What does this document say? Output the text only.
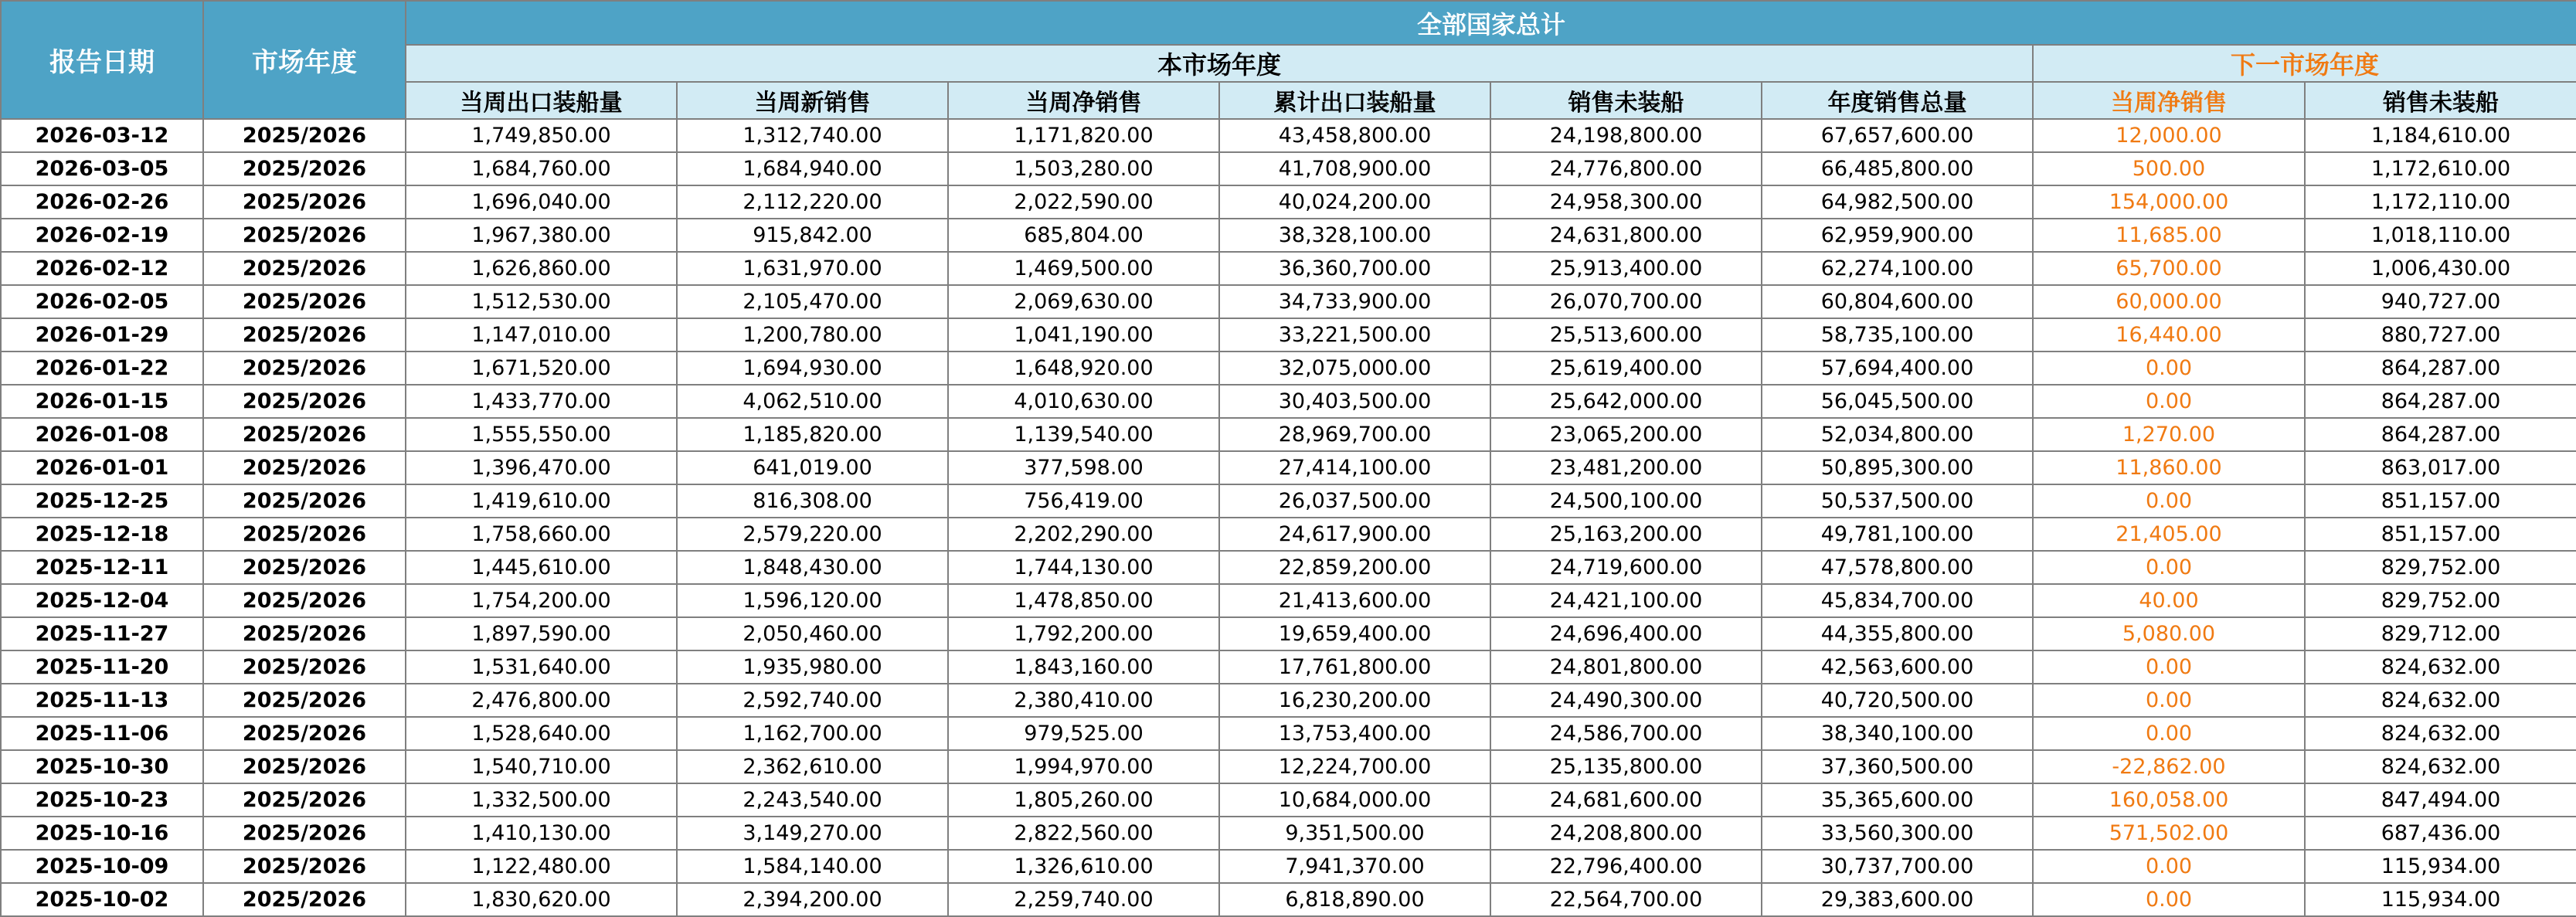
报告日期	市场年度	全部国家总计							
		本市场年度						下一市场年度	
		当周出口装船量	当周新销售	当周净销售	累计出口装船量	销售未装船	年度销售总量	当周净销售	销售未装船
2026-03-12	2025/2026	1,749,850.00	1,312,740.00	1,171,820.00	43,458,800.00	24,198,800.00	67,657,600.00	12,000.00	1,184,610.00
2026-03-05	2025/2026	1,684,760.00	1,684,940.00	1,503,280.00	41,708,900.00	24,776,800.00	66,485,800.00	500.00	1,172,610.00
2026-02-26	2025/2026	1,696,040.00	2,112,220.00	2,022,590.00	40,024,200.00	24,958,300.00	64,982,500.00	154,000.00	1,172,110.00
2026-02-19	2025/2026	1,967,380.00	915,842.00	685,804.00	38,328,100.00	24,631,800.00	62,959,900.00	11,685.00	1,018,110.00
2026-02-12	2025/2026	1,626,860.00	1,631,970.00	1,469,500.00	36,360,700.00	25,913,400.00	62,274,100.00	65,700.00	1,006,430.00
2026-02-05	2025/2026	1,512,530.00	2,105,470.00	2,069,630.00	34,733,900.00	26,070,700.00	60,804,600.00	60,000.00	940,727.00
2026-01-29	2025/2026	1,147,010.00	1,200,780.00	1,041,190.00	33,221,500.00	25,513,600.00	58,735,100.00	16,440.00	880,727.00
2026-01-22	2025/2026	1,671,520.00	1,694,930.00	1,648,920.00	32,075,000.00	25,619,400.00	57,694,400.00	0.00	864,287.00
2026-01-15	2025/2026	1,433,770.00	4,062,510.00	4,010,630.00	30,403,500.00	25,642,000.00	56,045,500.00	0.00	864,287.00
2026-01-08	2025/2026	1,555,550.00	1,185,820.00	1,139,540.00	28,969,700.00	23,065,200.00	52,034,800.00	1,270.00	864,287.00
2026-01-01	2025/2026	1,396,470.00	641,019.00	377,598.00	27,414,100.00	23,481,200.00	50,895,300.00	11,860.00	863,017.00
2025-12-25	2025/2026	1,419,610.00	816,308.00	756,419.00	26,037,500.00	24,500,100.00	50,537,500.00	0.00	851,157.00
2025-12-18	2025/2026	1,758,660.00	2,579,220.00	2,202,290.00	24,617,900.00	25,163,200.00	49,781,100.00	21,405.00	851,157.00
2025-12-11	2025/2026	1,445,610.00	1,848,430.00	1,744,130.00	22,859,200.00	24,719,600.00	47,578,800.00	0.00	829,752.00
2025-12-04	2025/2026	1,754,200.00	1,596,120.00	1,478,850.00	21,413,600.00	24,421,100.00	45,834,700.00	40.00	829,752.00
2025-11-27	2025/2026	1,897,590.00	2,050,460.00	1,792,200.00	19,659,400.00	24,696,400.00	44,355,800.00	5,080.00	829,712.00
2025-11-20	2025/2026	1,531,640.00	1,935,980.00	1,843,160.00	17,761,800.00	24,801,800.00	42,563,600.00	0.00	824,632.00
2025-11-13	2025/2026	2,476,800.00	2,592,740.00	2,380,410.00	16,230,200.00	24,490,300.00	40,720,500.00	0.00	824,632.00
2025-11-06	2025/2026	1,528,640.00	1,162,700.00	979,525.00	13,753,400.00	24,586,700.00	38,340,100.00	0.00	824,632.00
2025-10-30	2025/2026	1,540,710.00	2,362,610.00	1,994,970.00	12,224,700.00	25,135,800.00	37,360,500.00	-22,862.00	824,632.00
2025-10-23	2025/2026	1,332,500.00	2,243,540.00	1,805,260.00	10,684,000.00	24,681,600.00	35,365,600.00	160,058.00	847,494.00
2025-10-16	2025/2026	1,410,130.00	3,149,270.00	2,822,560.00	9,351,500.00	24,208,800.00	33,560,300.00	571,502.00	687,436.00
2025-10-09	2025/2026	1,122,480.00	1,584,140.00	1,326,610.00	7,941,370.00	22,796,400.00	30,737,700.00	0.00	115,934.00
2025-10-02	2025/2026	1,830,620.00	2,394,200.00	2,259,740.00	6,818,890.00	22,564,700.00	29,383,600.00	0.00	115,934.00
